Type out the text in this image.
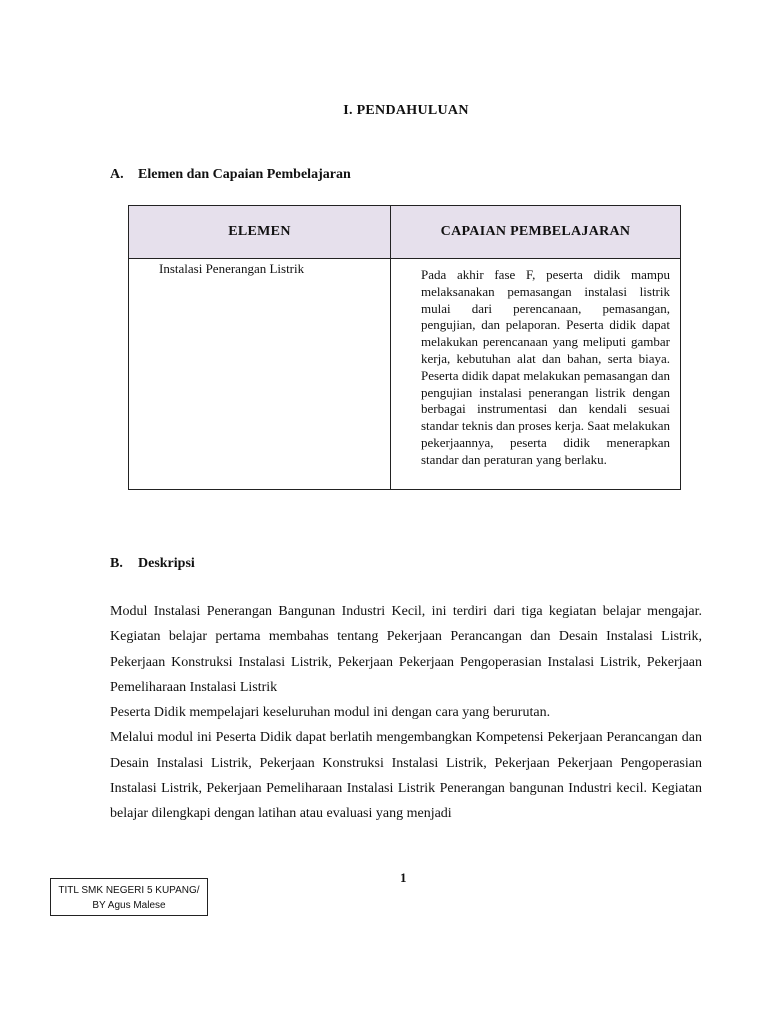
I. PENDAHULUAN
A. Elemen dan Capaian Pembelajaran
ELEMEN	CAPAIAN PEMBELAJARAN
Instalasi Penerangan Listrik	Pada akhir fase F, peserta didik mampu melaksanakan pemasangan instalasi listrik mulai dari perencanaan, pemasangan, pengujian, dan pelaporan. Peserta didik dapat melakukan perencanaan yang meliputi gambar kerja, kebutuhan alat dan bahan, serta biaya. Peserta didik dapat melakukan pemasangan dan pengujian instalasi penerangan listrik dengan berbagai instrumentasi dan kendali sesuai standar teknis dan proses kerja. Saat melakukan pekerjaannya, peserta didik menerapkan standar dan peraturan yang berlaku.
B. Deskripsi

Modul Instalasi Penerangan Bangunan Industri Kecil, ini terdiri dari tiga kegiatan belajar mengajar. Kegiatan belajar pertama membahas tentang Pekerjaan Perancangan dan Desain Instalasi Listrik, Pekerjaan Konstruksi Instalasi Listrik, Pekerjaan Pekerjaan Pengoperasian Instalasi Listrik, Pekerjaan Pemeliharaan Instalasi Listrik

Peserta Didik mempelajari keseluruhan modul ini dengan cara yang berurutan.

Melalui modul ini Peserta Didik dapat berlatih mengembangkan Kompetensi Pekerjaan Perancangan dan Desain Instalasi Listrik, Pekerjaan Konstruksi Instalasi Listrik, Pekerjaan Pekerjaan Pengoperasian Instalasi Listrik, Pekerjaan Pemeliharaan Instalasi Listrik Penerangan bangunan Industri kecil. Kegiatan belajar dilengkapi dengan latihan atau evaluasi yang menjadi

1
TITL SMK NEGERI 5 KUPANG/
BY Agus Malese
